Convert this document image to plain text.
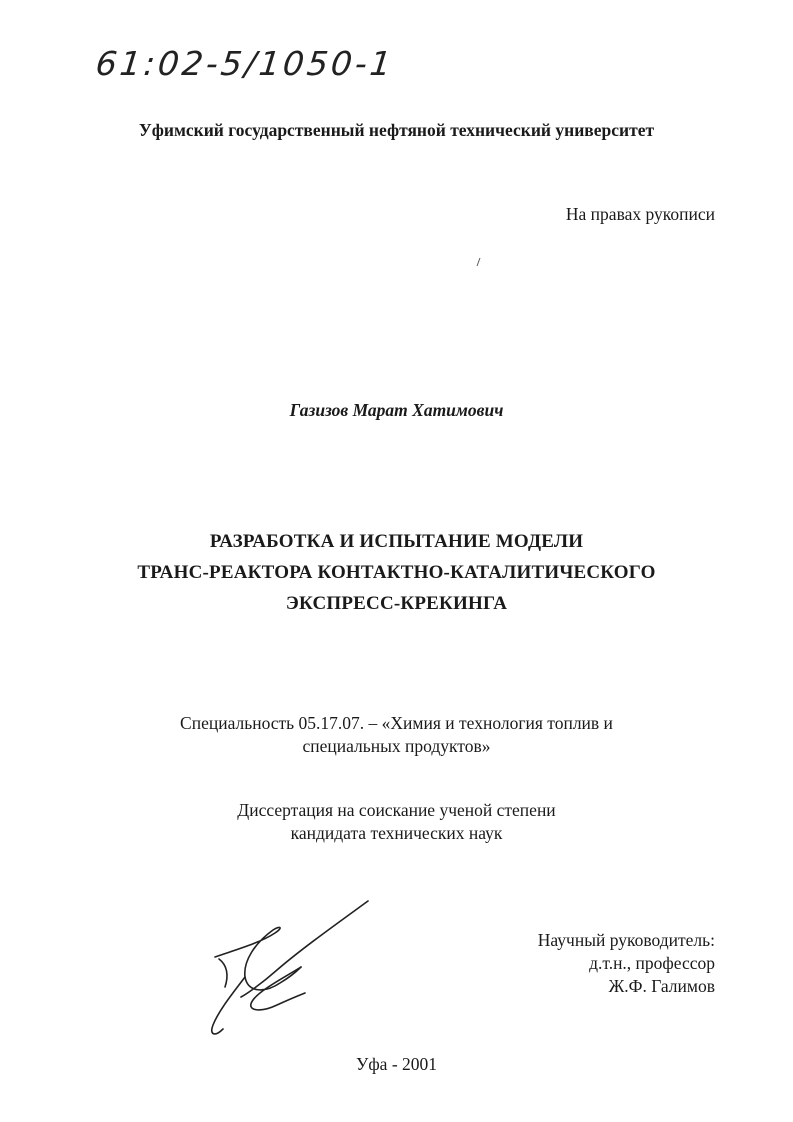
61:02-5/1050-1
Уфимский государственный нефтяной технический университет
На правах рукописи
Газизов Марат Хатимович
РАЗРАБОТКА И ИСПЫТАНИЕ МОДЕЛИ
ТРАНС-РЕАКТОРА КОНТАКТНО-КАТАЛИТИЧЕСКОГО
ЭКСПРЕСС-КРЕКИНГА
Специальность 05.17.07. – «Химия и технология топлив и
специальных продуктов»
Диссертация на соискание ученой степени
кандидата технических наук
Научный руководитель:
д.т.н., профессор
Ж.Ф. Галимов
Уфа - 2001
